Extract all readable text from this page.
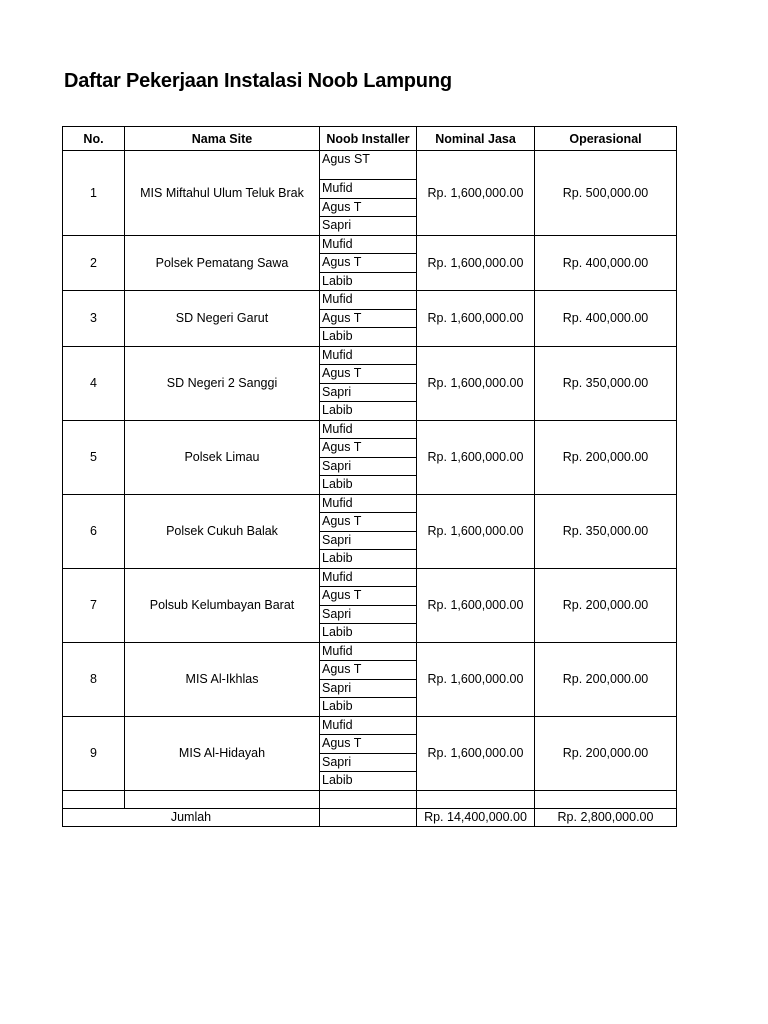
Daftar Pekerjaan Instalasi Noob Lampung
No.	Nama Site	Noob Installer	Nominal Jasa	Operasional
1	MIS Miftahul Ulum Teluk Brak	Agus ST	Rp. 1,600,000.00	Rp. 500,000.00
		Mufid		
		Agus T		
		Sapri		
2	Polsek Pematang Sawa	Mufid	Rp. 1,600,000.00	Rp. 400,000.00
		Agus T		
		Labib		
3	SD Negeri Garut	Mufid	Rp. 1,600,000.00	Rp. 400,000.00
		Agus T		
		Labib		
4	SD Negeri 2 Sanggi	Mufid	Rp. 1,600,000.00	Rp. 350,000.00
		Agus T		
		Sapri		
		Labib		
5	Polsek Limau	Mufid	Rp. 1,600,000.00	Rp. 200,000.00
		Agus T		
		Sapri		
		Labib		
6	Polsek Cukuh Balak	Mufid	Rp. 1,600,000.00	Rp. 350,000.00
		Agus T		
		Sapri		
		Labib		
7	Polsub Kelumbayan Barat	Mufid	Rp. 1,600,000.00	Rp. 200,000.00
		Agus T		
		Sapri		
		Labib		
8	MIS Al-Ikhlas	Mufid	Rp. 1,600,000.00	Rp. 200,000.00
		Agus T		
		Sapri		
		Labib		
9	MIS Al-Hidayah	Mufid	Rp. 1,600,000.00	Rp. 200,000.00
		Agus T		
		Sapri		
		Labib		

Jumlah			Rp. 14,400,000.00	Rp. 2,800,000.00
